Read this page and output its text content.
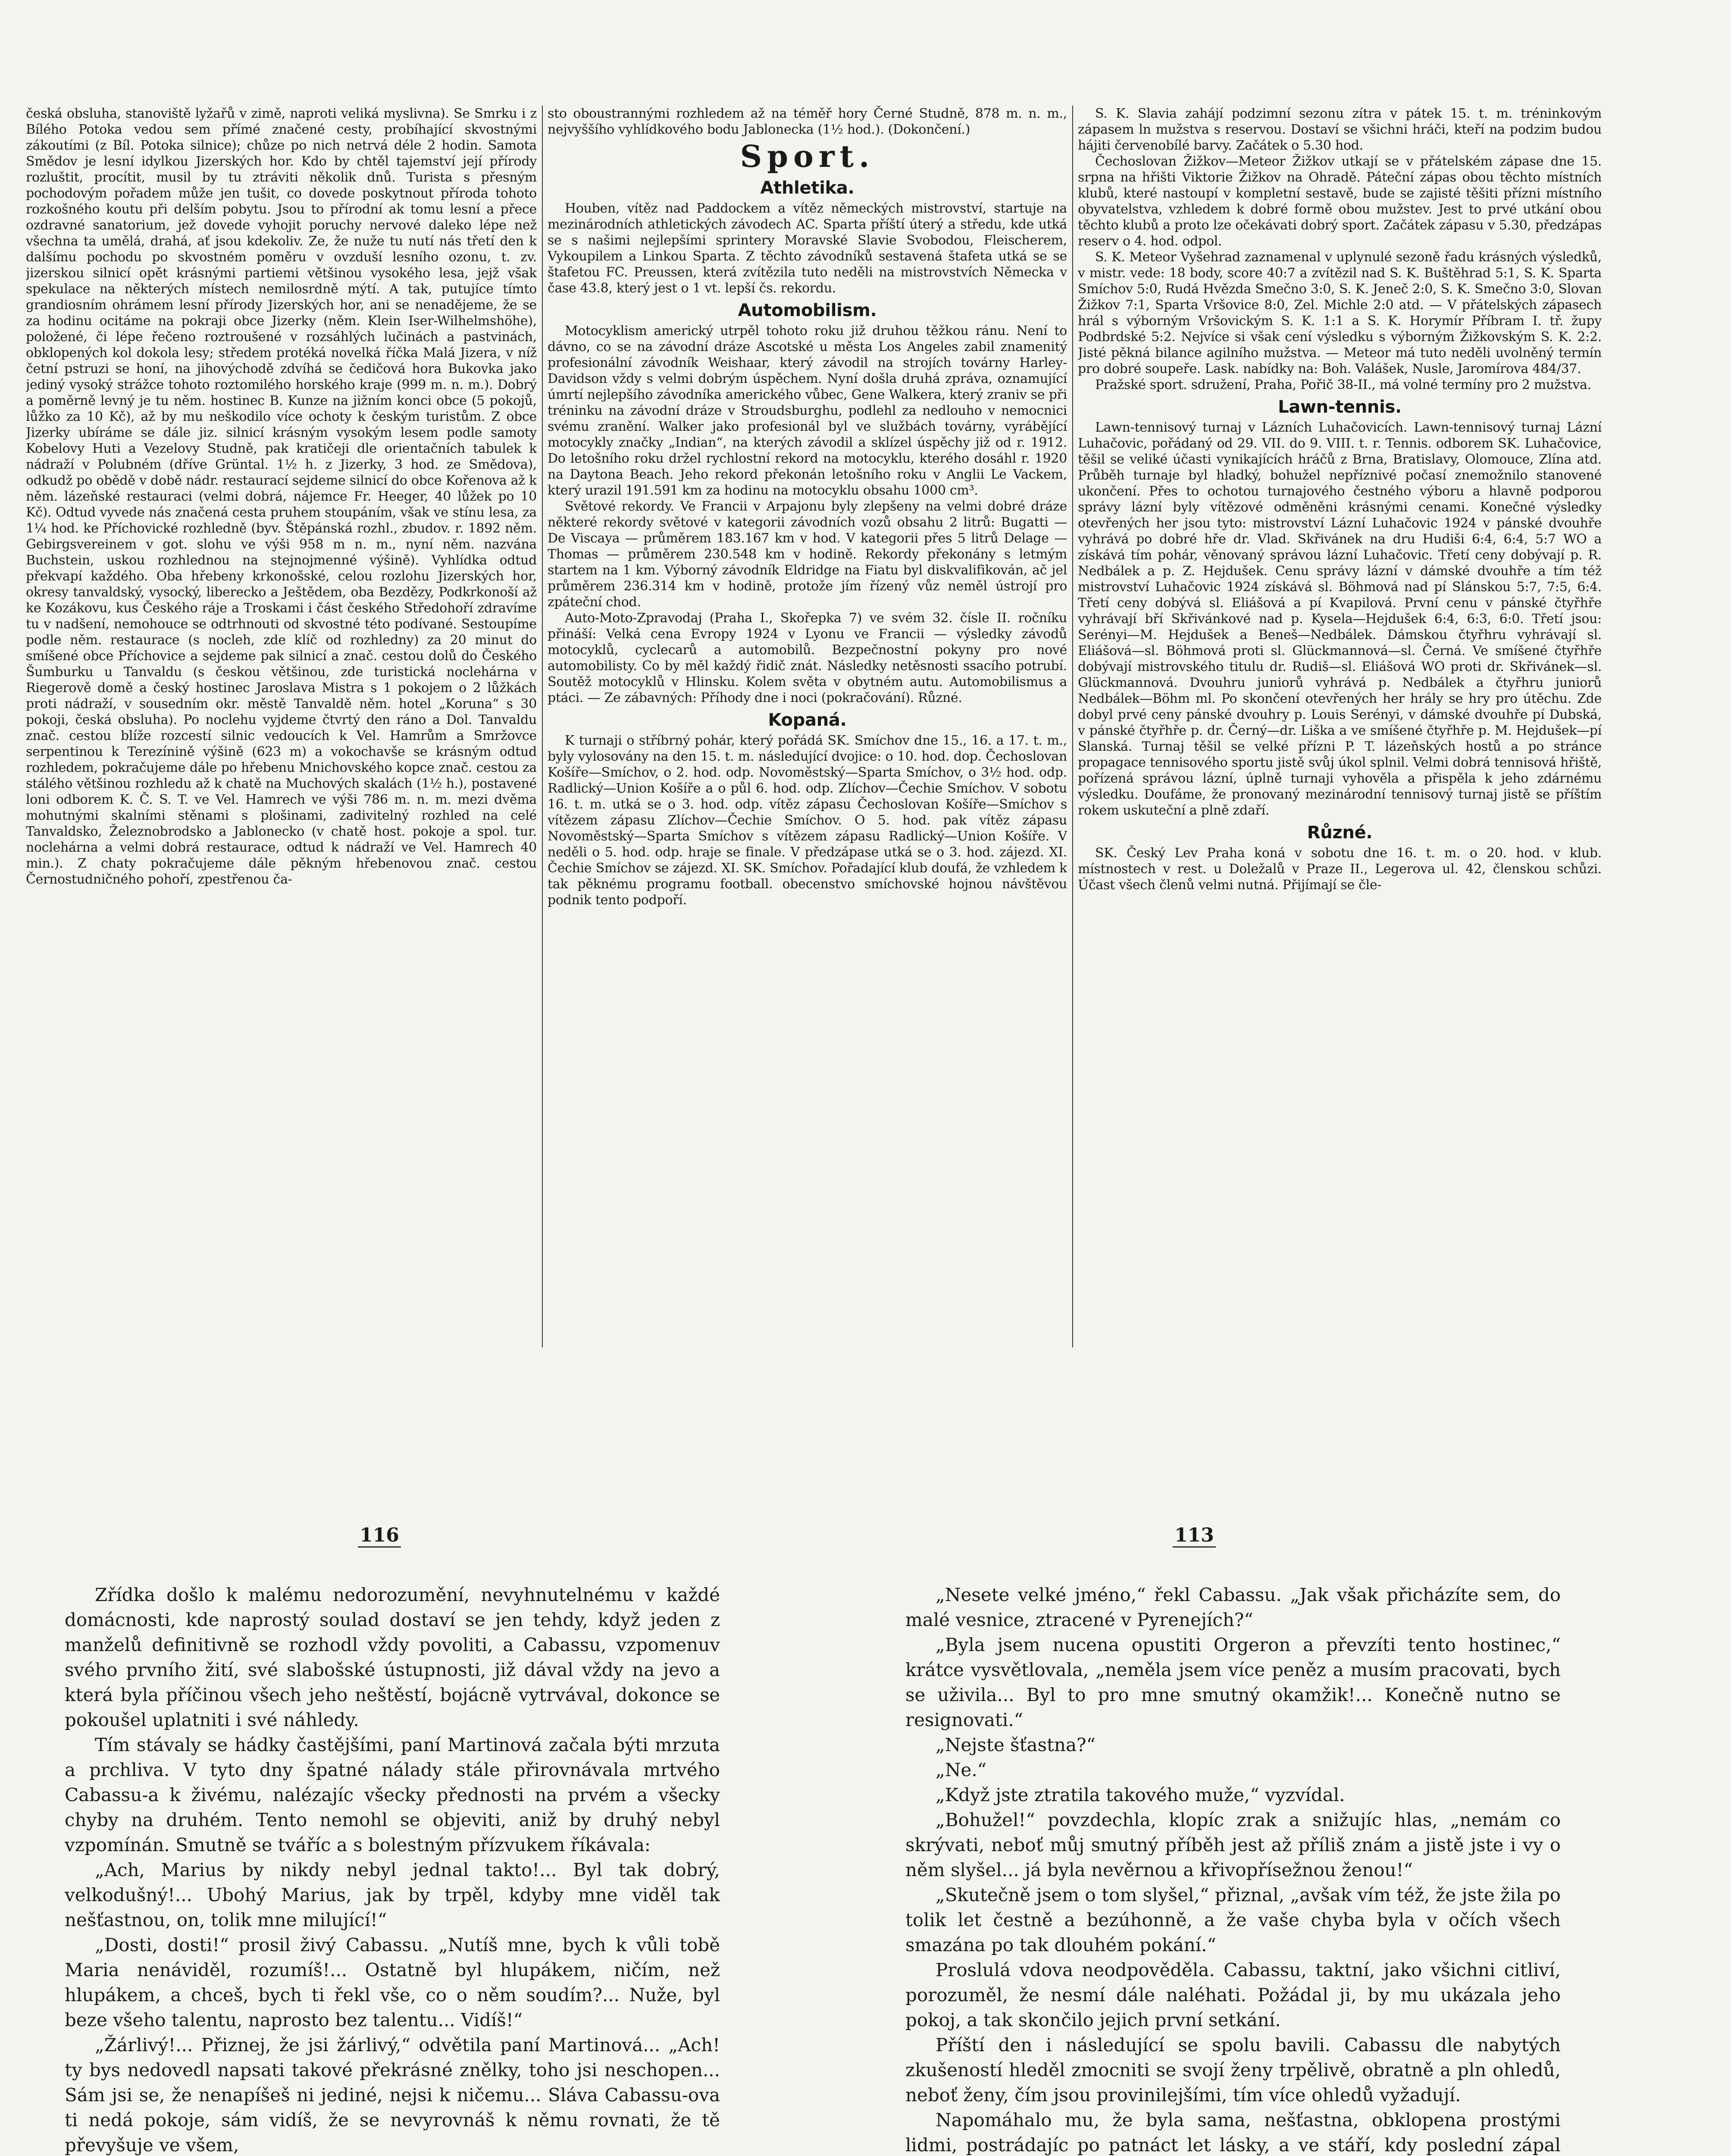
česká obsluha, stanoviště lyžařů v zimě, naproti veliká myslivna). Se Smrku i z Bílého Potoka vedou sem přímé značené cesty, probíhající skvostnými zákoutími (z Bíl. Potoka silnice); chůze po nich netrvá déle 2 hodin. Samota Smědov je lesní idylkou Jizerských hor. Kdo by chtěl tajemství její přírody rozluštit, procítit, musil by tu ztráviti několik dnů. Turista s přesným pochodovým pořadem může jen tušit, co dovede poskytnout příroda tohoto rozkošného koutu při delším pobytu. Jsou to přírodní ak tomu lesní a přece ozdravné sanatorium, jež dovede vyhojit poruchy nervové daleko lépe než všechna ta umělá, drahá, ať jsou kdekoliv. Ze, že nuže tu nutí nás třetí den k dalšímu pochodu po skvostném poměru v ovzduší lesního ozonu, t. zv. jizerskou silnicí opět krásnými partiemi většinou vysokého lesa, jejž však spekulace na některých místech nemilosrdně mýtí. A tak, putujíce tímto grandiosním ohrámem lesní přírody Jizerských hor, ani se nenadějeme, že se za hodinu ocitáme na pokraji obce Jizerky (něm. Klein Iser-Wilhelmshöhe), položené, či lépe řečeno roztroušené v rozsáhlých lučinách a pastvinách, obklopených kol dokola lesy; středem protéká novelká říčka Malá Jizera, v níž četní pstruzi se honí, na jihovýchodě zdvíhá se čedičová hora Bukovka jako jediný vysoký strážce tohoto roztomilého horského kraje (999 m. n. m.). Dobrý a poměrně levný je tu něm. hostinec B. Kunze na jižním konci obce (5 pokojů, lůžko za 10 Kč), až by mu neškodilo více ochoty k českým turistům. Z obce Jizerky ubíráme se dále jiz. silnicí krásným vysokým lesem podle samoty Kobelovy Huti a Vezelovy Studně, pak kratičeji dle orientačních tabulek k nádraží v Polubném (dříve Grüntal. 1½ h. z Jizerky, 3 hod. ze Smědova), odkudž po obědě v době nádr. restaurací sejdeme silnicí do obce Kořenova až k něm. lázeňské restauraci (velmi dobrá, nájemce Fr. Heeger, 40 lůžek po 10 Kč). Odtud vyvede nás značená cesta pruhem stoupáním, však ve stínu lesa, za 1¼ hod. ke Příchovické rozhledně (byv. Štěpánská rozhl., zbudov. r. 1892 něm. Gebirgsvereinem v got. slohu ve výši 958 m n. m., nyní něm. nazvána Buchstein, uskou rozhlednou na stejnojmenné výšině). Vyhlídka odtud překvapí každého. Oba hřebeny krkonošské, celou rozlohu Jizerských hor, okresy tanvaldský, vysocký, libereckо a Ještědem, oba Bezdězy, Podkrkonoší až ke Kozákovu, kus Českého ráje a Troskami i část českého Středohoří zdravíme tu v nadšení, nemohouce se odtrhnouti od skvostné této podívané. Sestoupíme podle něm. restaurace (s nocleh, zde klíč od rozhledny) za 20 minut do smíšené obce Příchovice a sejdeme pak silnicí a znač. cestou dolů do Českého Šumburku u Tanvaldu (s českou většinou, zde turistická noclehárna v Riegerově domě a český hostinec Jaroslava Mistra s 1 pokojem o 2 lůžkách proti nádraží, v sousedním okr. městě Tanvaldě něm. hotel „Koruna“ s 30 pokoji, česká obsluha). Po noclehu vyjdeme čtvrtý den ráno a Dol. Tanvaldu znač. cestou blíže rozcestí silnic vedoucích k Vel. Hamrům a Smržovce serpentinou k Terezínině výšině (623 m) a vokochavše se krásným odtud rozhledem, pokračujeme dále po hřebenu Mnichovského kopce znač. cestou za stálého většinou rozhledu až k chatě na Muchových skalách (1½ h.), postavené loni odborem K. Č. S. T. ve Vel. Hamrech ve výši 786 m. n. m. mezi dvěma mohutnými skalními stěnami s plošinami, zadivitelný rozhled na celé Tanvaldsko, Železnobrodsko a Jablonecko (v chatě host. pokoje a spol. tur. noclehárna a velmi dobrá restaurace, odtud k nádraží ve Vel. Hamrech 40 min.). Z chaty pokračujeme dále pěkným hřebenovou znač. cestou Černostudničného pohoří, zpestřenou ča-

sto oboustrannými rozhledem až na téměř hory Černé Studně, 878 m. n. m., nejvyššího vyhlídkového bodu Jablonecka (1½ hod.). (Dokončení.)

Sport.
Athletika.

Houben, vítěz nad Paddockem a vítěz německých mistrovství, startuje na mezinárodních athletických závodech AC. Sparta příští úterý a středu, kde utká se s našimi nejlepšími sprintery Moravské Slavie Svobodou, Fleischerem, Vykoupilem a Linkou Sparta. Z těchto závodníků sestavená štafeta utká se se štafetou FC. Preussen, která zvítězila tuto neděli na mistrovstvích Německa v čase 43.8, který jest o 1 vt. lepší čs. rekordu.

Automobilism.

Motocyklism americký utrpěl tohoto roku již druhou těžkou ránu. Není to dávno, co se na závodní dráze Ascotské u města Los Angeles zabil znamenitý profesionální závodník Weishaar, který závodil na strojích továrny Harley-Davidson vždy s velmi dobrým úspěchem. Nyní došla druhá zpráva, oznamující úmrtí nejlepšího závodníka amerického vůbec, Gene Walkera, který zraniv se při tréninku na závodní dráze v Stroudsburghu, podlehl za nedlouho v nemocnici svému zranění. Walker jako profesionál byl ve službách továrny, vyrábějící motocykly značky „Indian“, na kterých závodil a sklízel úspěchy již od r. 1912. Do letošního roku držel rychlostní rekord na motocyklu, kterého dosáhl r. 1920 na Daytona Beach. Jeho rekord překonán letošního roku v Anglii Le Vackem, který urazil 191.591 km za hodinu na motocyklu obsahu 1000 cm³.

Světové rekordy. Ve Francii v Arpajonu byly zlepšeny na velmi dobré dráze některé rekordy světové v kategorii závodních vozů obsahu 2 litrů: Bugatti — De Viscaya — průměrem 183.167 km v hod. V kategorii přes 5 litrů Delage — Thomas — průměrem 230.548 km v hodině. Rekordy překonány s letmým startem na 1 km. Výborný závodník Eldridge na Fiatu byl diskvalifikován, ač jel průměrem 236.314 km v hodině, protože jím řízený vůz neměl ústrojí pro zpáteční chod.

Auto-Moto-Zpravodaj (Praha I., Skořepka 7) ve svém 32. čísle II. ročníku přináší: Velká cena Evropy 1924 v Lyonu ve Francii — výsledky závodů motocyklů, cyclecarů a automobilů. Bezpečnostní pokyny pro nové automobilisty. Co by měl každý řidič znát. Následky netěsnosti ssacího potrubí. Soutěž motocyklů v Hlinsku. Kolem světa v obytném autu. Automobilismus a ptáci. — Ze zábavných: Příhody dne i noci (pokračování). Různé.

Kopaná.

K turnaji o stříbrný pohár, který pořádá SK. Smíchov dne 15., 16. a 17. t. m., byly vylosovány na den 15. t. m. následující dvojice: o 10. hod. dop. Čechoslovan Košíře—Smíchov, o 2. hod. odp. Novoměstský—Sparta Smíchov, o 3½ hod. odp. Radlický—Union Košíře a o půl 6. hod. odp. Zlíchov—Čechie Smíchov. V sobotu 16. t. m. utká se o 3. hod. odp. vítěz zápasu Čechoslovan Košíře—Smíchov s vítězem zápasu Zlíchov—Čechie Smíchov. O 5. hod. pak vítěz zápasu Novoměstský—Sparta Smíchov s vítězem zápasu Radlický—Union Košíře. V neděli o 5. hod. odp. hraje se finale. V předzápase utká se o 3. hod. zájezd. XI. Čechie Smíchov se zájezd. XI. SK. Smíchov. Pořadající klub doufá, že vzhledem k tak pěknému programu football. obecenstvo smíchovské hojnou návštěvou podnik tento podpoří.

S. K. Slavia zahájí podzimní sezonu zítra v pátek 15. t. m. tréninkovým zápasem ln mužstva s reservou. Dostaví se všichni hráči, kteří na podzim budou hájiti červenobílé barvy. Začátek o 5.30 hod.

Čechoslovan Žižkov—Meteor Žižkov utkají se v přátelském zápase dne 15. srpna na hřišti Viktorie Žižkov na Ohradě. Páteční zápas obou těchto místních klubů, které nastoupí v kompletní sestavě, bude se zajisté těšiti přízni místního obyvatelstva, vzhledem k dobré formě obou mužstev. Jest to prvé utkání obou těchto klubů a proto lze očekávati dobrý sport. Začátek zápasu v 5.30, předzápas reserv o 4. hod. odpol.

S. K. Meteor Vyšehrad zaznamenal v uplynulé sezoně řadu krásných výsledků, v mistr. vede: 18 body, score 40:7 a zvítězil nad S. K. Buštěhrad 5:1, S. K. Sparta Smíchov 5:0, Rudá Hvězda Smečno 3:0, S. K. Jeneč 2:0, S. K. Smečno 3:0, Slovan Žižkov 7:1, Sparta Vršovice 8:0, Zel. Michle 2:0 atd. — V přátelských zápasech hrál s výborným Vršovickým S. K. 1:1 a S. K. Horymír Příbram I. tř. župy Podbrdské 5:2. Nejvíce si však cení výsledku s výborným Žižkovským S. K. 2:2. Jisté pěkná bilance agilního mužstva. — Meteor má tuto neděli uvolněný termín pro dobré soupeře. Lask. nabídky na: Boh. Valášek, Nusle, Jaromírova 484/37.

Pražské sport. sdružení, Praha, Pořič 38-II., má volné termíny pro 2 mužstva.

Lawn-tennis.

Lawn-tennisový turnaj v Lázních Luhačovicích. Lawn-tennisový turnaj Lázní Luhačovic, pořádaný od 29. VII. do 9. VIII. t. r. Tennis. odborem SK. Luhačovice, těšil se veliké účasti vynikajících hráčů z Brna, Bratislavy, Olomouce, Zlína atd. Průběh turnaje byl hladký, bohužel nepříznivé počasí znemožnilo stanovené ukončení. Přes to ochotou turnajového čestného výboru a hlavně podporou správy lázní byly vítězové odměněni krásnými cenami. Konečné výsledky otevřených her jsou tyto: mistrovství Lázní Luhačovic 1924 v pánské dvouhře vyhrává po dobré hře dr. Vlad. Skřivánek na dru Hudiši 6:4, 6:4, 5:7 WO a získává tím pohár, věnovaný správou lázní Luhačovic. Třetí ceny dobývají p. R. Nedbálek a p. Z. Hejdušek. Cenu správy lázní v dámské dvouhře a tím též mistrovství Luhačovic 1924 získává sl. Böhmová nad pí Slánskou 5:7, 7:5, 6:4. Třetí ceny dobývá sl. Eliášová a pí Kvapilová. První cenu v pánské čtyřhře vyhrávají bří Skřivánkové nad p. Kysela—Hejdušek 6:4, 6:3, 6:0. Třetí jsou: Serényi—M. Hejdušek a Beneš—Nedbálek. Dámskou čtyřhru vyhrávají sl. Eliášová—sl. Böhmová proti sl. Glückmannová—sl. Černá. Ve smíšené čtyřhře dobývají mistrovského titulu dr. Rudiš—sl. Eliášová WO proti dr. Skřivánek—sl. Glückmannová. Dvouhru juniorů vyhrává p. Nedbálek a čtyřhru juniorů Nedbálek—Böhm ml. Po skončení otevřených her hrály se hry pro útěchu. Zde dobyl prvé ceny pánské dvouhry p. Louis Serényi, v dámské dvouhře pí Dubská, v pánské čtyřhře p. dr. Černý—dr. Liška a ve smíšené čtyřhře p. M. Hejdušek—pí Slanská. Turnaj těšil se velké přízni P. T. lázeňských hostů a po stránce propagace tennisového sportu jistě svůj úkol splnil. Velmi dobrá tennisová hřiště, pořízená správou lázní, úplně turnaji vyhověla a přispěla k jeho zdárnému výsledku. Doufáme, že pronovaný mezinárodní tennisový turnaj jistě se příštím rokem uskuteční a plně zdaří.

Různé.

SK. Český Lev Praha koná v sobotu dne 16. t. m. o 20. hod. v klub. místnostech v rest. u Doležalů v Praze II., Legerova ul. 42, členskou schůzi. Účast všech členů velmi nutná. Přijímají se čle-

116	113

Zřídka došlo k malému nedorozumění, nevyhnutelnému v každé domácnosti, kde naprostý soulad dostaví se jen tehdy, když jeden z manželů definitivně se rozhodl vždy povoliti, a Cabassu, vzpomenuv svého prvního žití, své slabošské ústupnosti, již dával vždy na jevo a která byla příčinou všech jeho neštěstí, bojácně vytrvával, dokonce se pokoušel uplatniti i své náhledy.

Tím stávaly se hádky častějšími, paní Martinová začala býti mrzuta a prchliva. V tyto dny špatné nálady stále přirovnávala mrtvého Cabassu-a k živému, nalézajíc všecky přednosti na prvém a všecky chyby na druhém. Tento nemohl se objeviti, aniž by druhý nebyl vzpomínán. Smutně se tváříc a s bolestným přízvukem říkávala:

„Ach, Marius by nikdy nebyl jednal takto!... Byl tak dobrý, velkodušný!... Ubohý Marius, jak by trpěl, kdyby mne viděl tak nešťastnou, on, tolik mne milující!“

„Dosti, dosti!“ prosil živý Cabassu. „Nutíš mne, bych k vůli tobě Maria nenáviděl, rozumíš!... Ostatně byl hlupákem, ničím, než hlupákem, a chceš, bych ti řekl vše, co o něm soudím?... Nuže, byl beze všeho talentu, naprosto bez talentu... Vidíš!“

„Žárlivý!... Přiznej, že jsi žárlivý,“ odvětila paní Martinová... „Ach! ty bys nedovedl napsati takové překrásné znělky, toho jsi neschopen... Sám jsi se, že nenapíšeš ni jediné, nejsi k ničemu... Sláva Cabassu-ova ti nedá pokoje, sám vidíš, že se nevyrovnáš k němu rovnati, že tě převyšuje ve všem,

„Nesete velké jméno,“ řekl Cabassu. „Jak však přicházíte sem, do malé vesnice, ztracené v Pyrenejích?“

„Byla jsem nucena opustiti Orgeron a převzíti tento hostinec,“ krátce vysvětlovala, „neměla jsem více peněz a musím pracovati, bych se uživila... Byl to pro mne smutný okamžik!... Konečně nutno se resignovati.“

„Nejste šťastna?“

„Ne.“

„Když jste ztratila takového muže,“ vyzvídal.

„Bohužel!“ povzdechla, klopíc zrak a snižujíc hlas, „nemám co skrývati, neboť můj smutný příběh jest až příliš znám a jistě jste i vy o něm slyšel... já byla nevěrnou a křivopřísežnou ženou!“

„Skutečně jsem o tom slyšel,“ přiznal, „avšak vím též, že jste žila po tolik let čestně a bezúhonně, a že vaše chyba byla v očích všech smazána po tak dlouhém pokání.“

Proslulá vdova neodpověděla. Cabassu, taktní, jako všichni citliví, porozuměl, že nesmí dále naléhati. Požádal ji, by mu ukázala jeho pokoj, a tak skončilo jejich první setkání.

Příští den i následující se spolu bavili. Cabassu dle nabytých zkušeností hleděl zmocniti se svojí ženy trpělivě, obratně a pln ohledů, neboť ženy, čím jsou provinilejšími, tím více ohledů vyžadují.

Napomáhalo mu, že byla sama, nešťastna, obklopena prostými lidmi, postrádajíc po patnáct let lásky, a ve stáří, kdy poslední zápal
